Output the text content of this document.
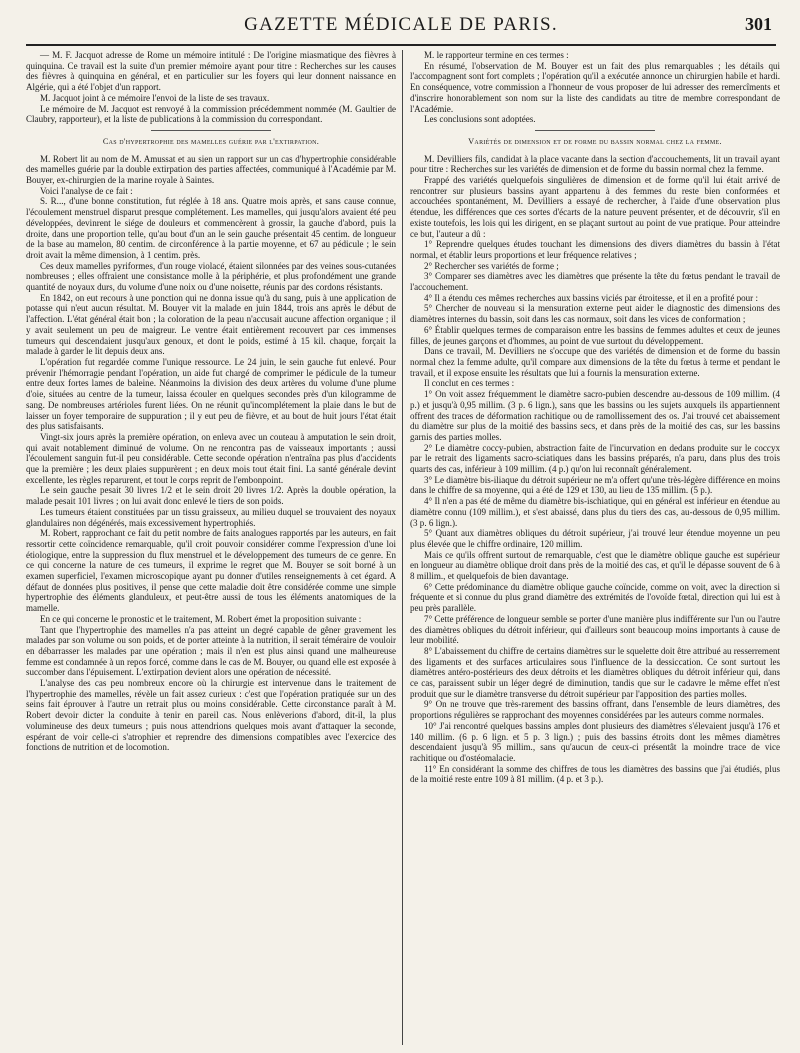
GAZETTE MÉDICALE DE PARIS.	301

— M. F. Jacquot adresse de Rome un mémoire intitulé : De l'origine miasmatique des fièvres à quinquina. Ce travail est la suite d'un premier mémoire ayant pour titre : Recherches sur les causes des fièvres à quinquina en général, et en particulier sur les foyers qui leur donnent naissance en Algérie, qui a été l'objet d'un rapport.

M. Jacquot joint à ce mémoire l'envoi de la liste de ses travaux.

Le mémoire de M. Jacquot est renvoyé à la commission précédemment nommée (M. Gaultier de Claubry, rapporteur), et la liste de publications à la commission du correspondant.

Cas d'hypertrophie des mamelles guérie par l'extirpation.

M. Robert lit au nom de M. Amussat et au sien un rapport sur un cas d'hypertrophie considérable des mamelles guérie par la double extirpation des parties affectées, communiqué à l'Académie par M. Bouyer, ex-chirurgien de la marine royale à Saintes.

Voici l'analyse de ce fait :

S. R..., d'une bonne constitution, fut réglée à 18 ans. Quatre mois après, et sans cause connue, l'écoulement menstruel disparut presque complétement. Les mamelles, qui jusqu'alors avaient été peu développées, devinrent le siége de douleurs et commencèrent à grossir, la gauche d'abord, puis la droite, dans une proportion telle, qu'au bout d'un an le sein gauche présentait 45 centim. de longueur de la base au mamelon, 80 centim. de circonférence à la partie moyenne, et 67 au pédicule ; le sein droit avait la même dimension, à 1 centim. près.

Ces deux mamelles pyriformes, d'un rouge violacé, étaient silonnées par des veines sous-cutanées nombreuses ; elles offraient une consistance molle à la périphérie, et plus profondément une grande quantité de noyaux durs, du volume d'une noix ou d'une noisette, réunis par des cordons résistants.

En 1842, on eut recours à une ponction qui ne donna issue qu'à du sang, puis à une application de potasse qui n'eut aucun résultat. M. Bouyer vit la malade en juin 1844, trois ans après le début de l'affection. L'état général était bon ; la coloration de la peau n'accusait aucune affection organique ; il y avait seulement un peu de maigreur. Le ventre était entièrement recouvert par ces immenses tumeurs qui descendaient jusqu'aux genoux, et dont le poids, estimé à 15 kil. chaque, forçait la malade à garder le lit depuis deux ans.

L'opération fut regardée comme l'unique ressource. Le 24 juin, le sein gauche fut enlevé. Pour prévenir l'hémorragie pendant l'opération, un aide fut chargé de comprimer le pédicule de la tumeur entre deux fortes lames de baleine. Néanmoins la division des deux artères du volume d'une plume d'oie, situées au centre de la tumeur, laissa écouler en quelques secondes près d'un kilogramme de sang. De nombreuses artérioles furent liées. On ne réunit qu'incomplétement la plaie dans le but de laisser un foyer temporaire de suppuration ; il y eut peu de fièvre, et au bout de huit jours l'état était des plus satisfaisants.

Vingt-six jours après la première opération, on enleva avec un couteau à amputation le sein droit, qui avait notablement diminué de volume. On ne rencontra pas de vaisseaux importants ; aussi l'écoulement sanguin fut-il peu considérable. Cette seconde opération n'entraîna pas plus d'accidents que la première ; les deux plaies suppurèrent ; en deux mois tout était fini. La santé générale devint excellente, les règles reparurent, et tout le corps reprit de l'embonpoint.

Le sein gauche pesait 30 livres 1/2 et le sein droit 20 livres 1/2. Après la double opération, la malade pesait 101 livres ; on lui avait donc enlevé le tiers de son poids.

Les tumeurs étaient constituées par un tissu graisseux, au milieu duquel se trouvaient des noyaux glandulaires non dégénérés, mais excessivement hypertrophiés.

M. Robert, rapprochant ce fait du petit nombre de faits analogues rapportés par les auteurs, en fait ressortir cette coïncidence remarquable, qu'il croit pouvoir considérer comme l'expression d'une loi étiologique, entre la suppression du flux menstruel et le développement des tumeurs de ce genre. En ce qui concerne la nature de ces tumeurs, il exprime le regret que M. Bouyer se soit borné à un examen superficiel, l'examen microscopique ayant pu donner d'utiles renseignements à cet égard. A défaut de données plus positives, il pense que cette maladie doit être considérée comme une simple hypertrophie des éléments glanduleux, et peut-être aussi de tous les éléments anatomiques de la mamelle.

En ce qui concerne le pronostic et le traitement, M. Robert émet la proposition suivante :

Tant que l'hypertrophie des mamelles n'a pas atteint un degré capable de gêner gravement les malades par son volume ou son poids, et de porter atteinte à la nutrition, il serait téméraire de vouloir en débarrasser les malades par une opération ; mais il n'en est plus ainsi quand une malheureuse femme est condamnée à un repos forcé, comme dans le cas de M. Bouyer, ou quand elle est exposée à succomber dans l'épuisement. L'extirpation devient alors une opération de nécessité.

L'analyse des cas peu nombreux encore où la chirurgie est intervenue dans le traitement de l'hypertrophie des mamelles, révèle un fait assez curieux : c'est que l'opération pratiquée sur un des seins fait éprouver à l'autre un retrait plus ou moins considérable. Cette circonstance paraît à M. Robert devoir dicter la conduite à tenir en pareil cas. Nous enlèverions d'abord, dit-il, la plus volumineuse des deux tumeurs ; puis nous attendrions quelques mois avant d'attaquer la seconde, espérant de voir celle-ci s'atrophier et reprendre des dimensions compatibles avec l'exercice des fonctions de nutrition et de locomotion.

M. le rapporteur termine en ces termes :

En résumé, l'observation de M. Bouyer est un fait des plus remarquables ; les détails qui l'accompagnent sont fort complets ; l'opération qu'il a exécutée annonce un chirurgien habile et hardi. En conséquence, votre commission a l'honneur de vous proposer de lui adresser des remercîments et d'inscrire honorablement son nom sur la liste des candidats au titre de membre correspondant de l'Académie.

Les conclusions sont adoptées.

Variétés de dimension et de forme du bassin normal chez la femme.

M. Devilliers fils, candidat à la place vacante dans la section d'accouchements, lit un travail ayant pour titre : Recherches sur les variétés de dimension et de forme du bassin normal chez la femme.

Frappé des variétés quelquefois singulières de dimension et de forme qu'il lui était arrivé de rencontrer sur plusieurs bassins ayant appartenu à des femmes du reste bien conformées et accouchées spontanément, M. Devilliers a essayé de rechercher, à l'aide d'une observation plus étendue, les différences que ces sortes d'écarts de la nature peuvent présenter, et de découvrir, s'il en existe toutefois, les lois qui les dirigent, en se plaçant surtout au point de vue pratique. Pour atteindre ce but, l'auteur a dû :

1° Reprendre quelques études touchant les dimensions des divers diamètres du bassin à l'état normal, et établir leurs proportions et leur fréquence relatives ;

2° Rechercher ses variétés de forme ;

3° Comparer ses diamètres avec les diamètres que présente la tête du fœtus pendant le travail de l'accouchement.

4° Il a étendu ces mêmes recherches aux bassins viciés par étroitesse, et il en a profité pour :

5° Chercher de nouveau si la mensuration externe peut aider le diagnostic des dimensions des diamètres internes du bassin, soit dans les cas normaux, soit dans les vices de conformation ;

6° Établir quelques termes de comparaison entre les bassins de femmes adultes et ceux de jeunes filles, de jeunes garçons et d'hommes, au point de vue surtout du développement.

Dans ce travail, M. Devilliers ne s'occupe que des variétés de dimension et de forme du bassin normal chez la femme adulte, qu'il compare aux dimensions de la tête du fœtus à terme et pendant le travail, et il expose ensuite les résultats que lui a fournis la mensuration externe.

Il conclut en ces termes :

1° On voit assez fréquemment le diamètre sacro-pubien descendre au-dessous de 109 millim. (4 p.) et jusqu'à 0,95 millim. (3 p. 6 lign.), sans que les bassins ou les sujets auxquels ils appartiennent offrent des traces de déformation rachitique ou de ramollissement des os. J'ai trouvé cet abaissement du diamètre sur plus de la moitié des bassins secs, et dans près de la moitié des cas, sur les bassins garnis des parties molles.

2° Le diamètre coccy-pubien, abstraction faite de l'incurvation en dedans produite sur le coccyx par le retrait des ligaments sacro-sciatiques dans les bassins préparés, n'a paru, dans plus des trois quarts des cas, inférieur à 109 millim. (4 p.) qu'on lui reconnaît généralement.

3° Le diamètre bis-iliaque du détroit supérieur ne m'a offert qu'une très-légère différence en moins dans le chiffre de sa moyenne, qui a été de 129 et 130, au lieu de 135 millim. (5 p.).

4° Il n'en a pas été de même du diamètre bis-ischiatique, qui en général est inférieur en étendue au diamètre connu (109 millim.), et s'est abaissé, dans plus du tiers des cas, au-dessous de 0,95 millim. (3 p. 6 lign.).

5° Quant aux diamètres obliques du détroit supérieur, j'ai trouvé leur étendue moyenne un peu plus élevée que le chiffre ordinaire, 120 millim.

Mais ce qu'ils offrent surtout de remarquable, c'est que le diamètre oblique gauche est supérieur en longueur au diamètre oblique droit dans près de la moitié des cas, et qu'il le dépasse souvent de 6 à 8 millim., et quelquefois de bien davantage.

6° Cette prédominance du diamètre oblique gauche coïncide, comme on voit, avec la direction si fréquente et si connue du plus grand diamètre des extrémités de l'ovoïde fœtal, direction qui lui est à peu près parallèle.

7° Cette préférence de longueur semble se porter d'une manière plus indifférente sur l'un ou l'autre des diamètres obliques du détroit inférieur, qui d'ailleurs sont beaucoup moins importants à cause de leur mobilité.

8° L'abaissement du chiffre de certains diamètres sur le squelette doit être attribué au resserrement des ligaments et des surfaces articulaires sous l'influence de la dessiccation. Ce sont surtout les diamètres antéro-postérieurs des deux détroits et les diamètres obliques du détroit inférieur qui, dans ce cas, paraissent subir un léger degré de diminution, tandis que sur le cadavre le même effet n'est produit que sur le diamètre transverse du détroit supérieur par l'apposition des parties molles.

9° On ne trouve que très-rarement des bassins offrant, dans l'ensemble de leurs diamètres, des proportions régulières se rapprochant des moyennes considérées par les auteurs comme normales.

10° J'ai rencontré quelques bassins amples dont plusieurs des diamètres s'élevaient jusqu'à 176 et 140 millim. (6 p. 6 lign. et 5 p. 3 lign.) ; puis des bassins étroits dont les mêmes diamètres descendaient jusqu'à 95 millim., sans qu'aucun de ceux-ci présentât la moindre trace de vice rachitique ou d'ostéomalacie.

11° En considérant la somme des chiffres de tous les diamètres des bassins que j'ai étudiés, plus de la moitié reste entre 109 à 81 millim. (4 p. et 3 p.).
